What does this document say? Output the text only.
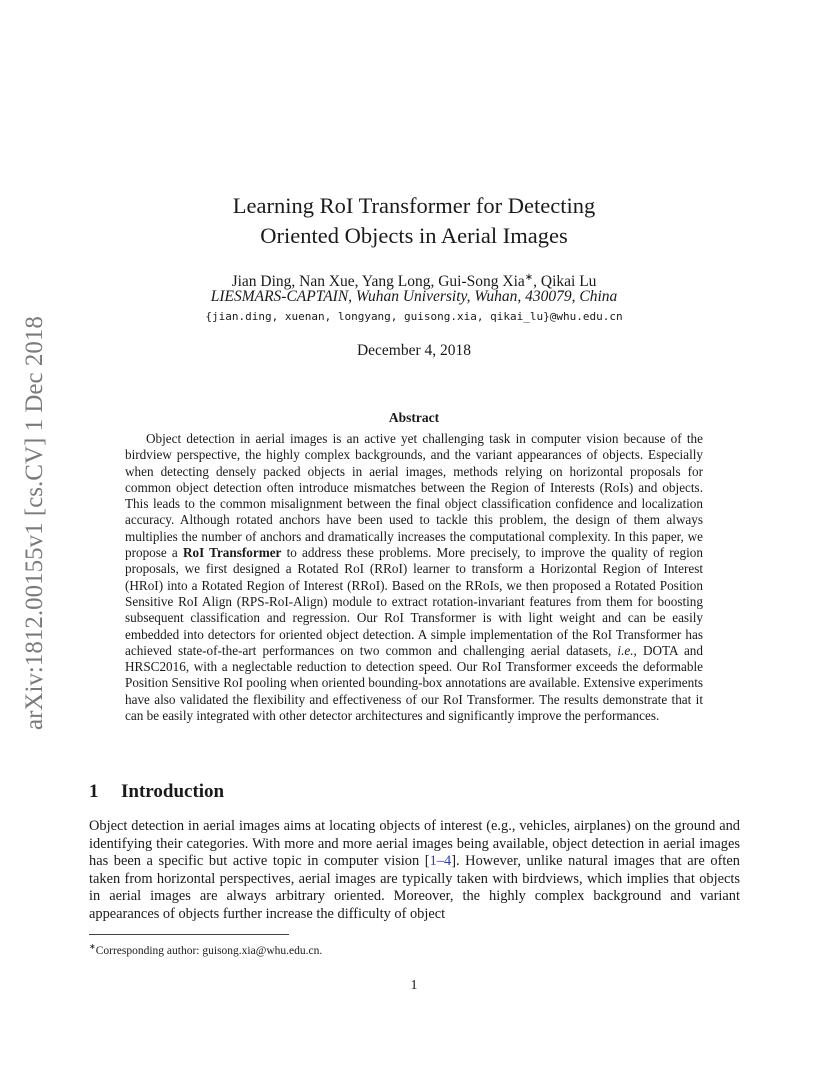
arXiv:1812.00155v1 [cs.CV] 1 Dec 2018
Learning RoI Transformer for Detecting
Oriented Objects in Aerial Images
Jian Ding, Nan Xue, Yang Long, Gui-Song Xia∗, Qikai Lu
LIESMARS-CAPTAIN, Wuhan University, Wuhan, 430079, China
{jian.ding, xuenan, longyang, guisong.xia, qikai_lu}@whu.edu.cn
December 4, 2018
Abstract

Object detection in aerial images is an active yet challenging task in computer vision because of the birdview perspective, the highly complex backgrounds, and the variant appearances of objects. Especially when detecting densely packed objects in aerial images, methods relying on horizontal proposals for common object detection often introduce mismatches between the Region of Interests (RoIs) and objects. This leads to the common misalignment between the final object classification confidence and localization accuracy. Although rotated anchors have been used to tackle this problem, the design of them always multiplies the number of anchors and dramatically increases the computational complexity. In this paper, we propose a RoI Transformer to address these problems. More precisely, to improve the quality of region proposals, we first designed a Rotated RoI (RRoI) learner to transform a Horizontal Region of Interest (HRoI) into a Rotated Region of Interest (RRoI). Based on the RRoIs, we then proposed a Rotated Position Sensitive RoI Align (RPS-RoI-Align) module to extract rotation-invariant features from them for boosting subsequent classification and regression. Our RoI Transformer is with light weight and can be easily embedded into detectors for oriented object detection. A simple implementation of the RoI Transformer has achieved state-of-the-art performances on two common and challenging aerial datasets, i.e., DOTA and HRSC2016, with a neglectable reduction to detection speed. Our RoI Transformer exceeds the deformable Position Sensitive RoI pooling when oriented bounding-box annotations are available. Extensive experiments have also validated the flexibility and effectiveness of our RoI Transformer. The results demonstrate that it can be easily integrated with other detector architectures and significantly improve the performances.

1 Introduction

Object detection in aerial images aims at locating objects of interest (e.g., vehicles, airplanes) on the ground and identifying their categories. With more and more aerial images being available, object detection in aerial images has been a specific but active topic in computer vision [1–4]. However, unlike natural images that are often taken from horizontal perspectives, aerial images are typically taken with birdviews, which implies that objects in aerial images are always arbitrary oriented. Moreover, the highly complex background and variant appearances of objects further increase the difficulty of object

∗Corresponding author: guisong.xia@whu.edu.cn.
1
